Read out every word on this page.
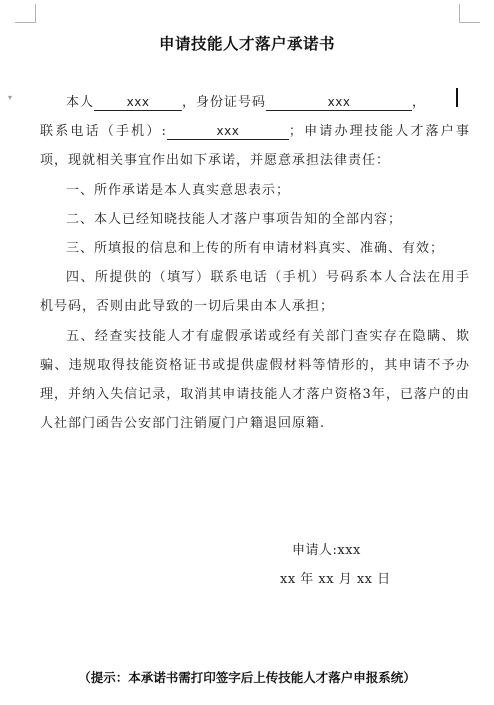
▾
申请技能人才落户承诺书

本人	xxx	，身份证号码	xxx	，

联系电话（手机）:	xxx	；申请办理技能人才落户事项，现就相关事宜作出如下承诺，并愿意承担法律责任：

一、所作承诺是本人真实意思表示；

二、本人已经知晓技能人才落户事项告知的全部内容；

三、所填报的信息和上传的所有申请材料真实、准确、有效；

四、所提供的（填写）联系电话（手机）号码系本人合法在用手机号码，否则由此导致的一切后果由本人承担；

五、经查实技能人才有虚假承诺或经有关部门查实存在隐瞒、欺骗、违规取得技能资格证书或提供虚假材料等情形的，其申请不予办理，并纳入失信记录，取消其申请技能人才落户资格3年，已落户的由人社部门函告公安部门注销厦门户籍退回原籍.

申请人:xxx
xx 年 xx 月 xx 日
（提示：本承诺书需打印签字后上传技能人才落户申报系统）
